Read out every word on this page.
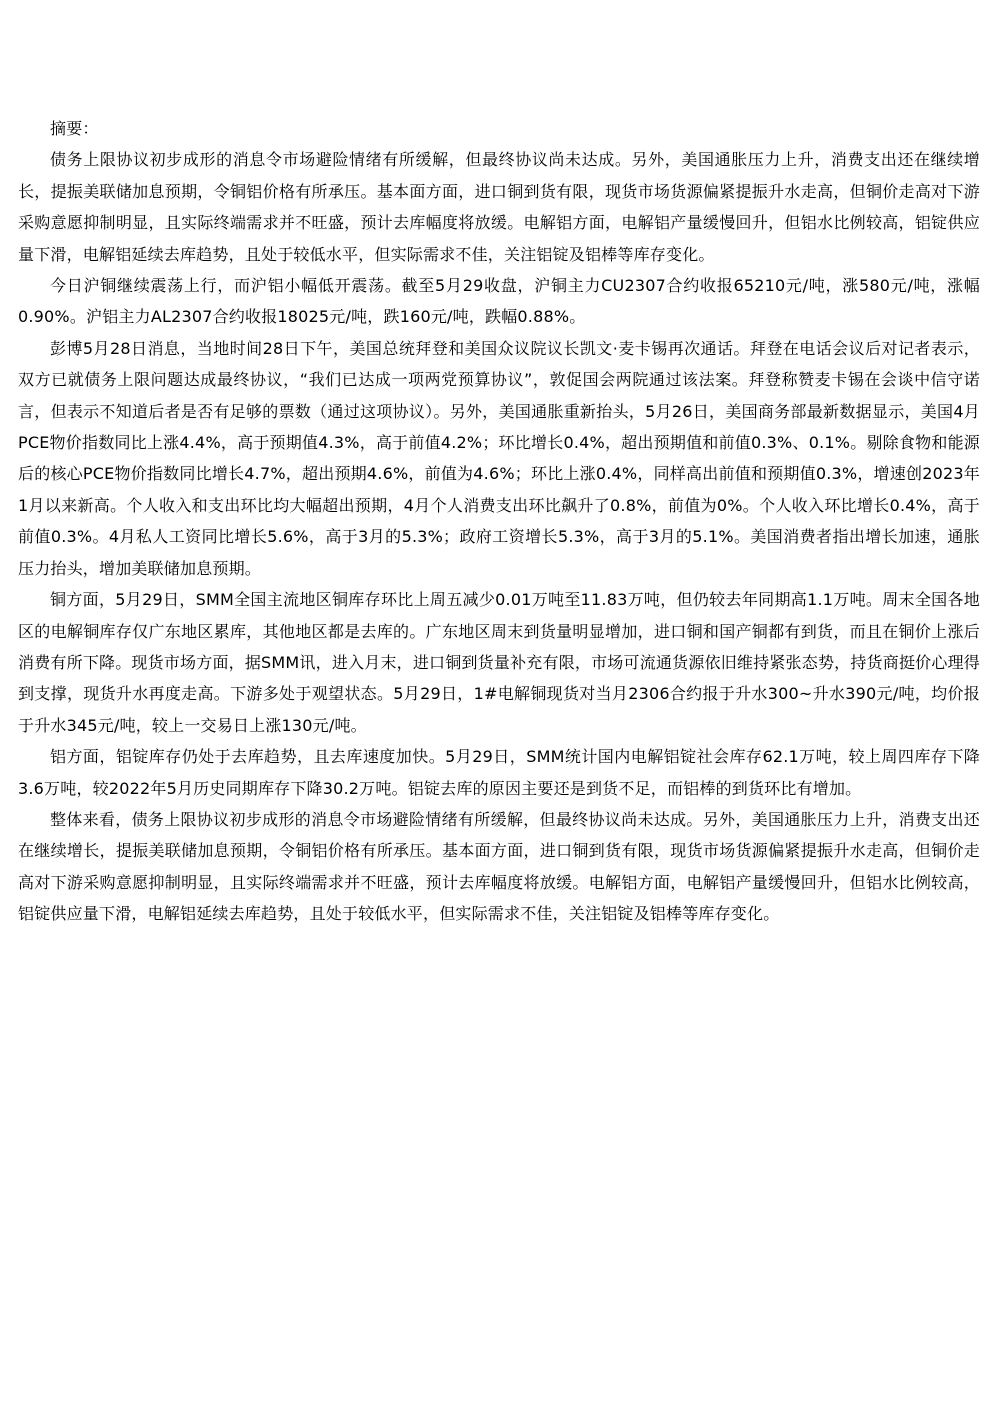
摘要：

债务上限协议初步成形的消息令市场避险情绪有所缓解，但最终协议尚未达成。另外，美国通胀压力上升，消费支出还在继续增长，提振美联储加息预期，令铜铝价格有所承压。基本面方面，进口铜到货有限，现货市场货源偏紧提振升水走高，但铜价走高对下游采购意愿抑制明显，且实际终端需求并不旺盛，预计去库幅度将放缓。电解铝方面，电解铝产量缓慢回升，但铝水比例较高，铝锭供应量下滑，电解铝延续去库趋势，且处于较低水平，但实际需求不佳，关注铝锭及铝棒等库存变化。

今日沪铜继续震荡上行，而沪铝小幅低开震荡。截至5月29收盘，沪铜主力CU2307合约收报65210元/吨，涨580元/吨，涨幅0.90%。沪铝主力AL2307合约收报18025元/吨，跌160元/吨，跌幅0.88%。

彭博5月28日消息，当地时间28日下午，美国总统拜登和美国众议院议长凯文·麦卡锡再次通话。拜登在电话会议后对记者表示，双方已就债务上限问题达成最终协议，“我们已达成一项两党预算协议”，敦促国会两院通过该法案。拜登称赞麦卡锡在会谈中信守诺言，但表示不知道后者是否有足够的票数（通过这项协议）。另外，美国通胀重新抬头，5月26日，美国商务部最新数据显示，美国4月PCE物价指数同比上涨4.4%，高于预期值4.3%，高于前值4.2%；环比增长0.4%，超出预期值和前值0.3%、0.1%。剔除食物和能源后的核心PCE物价指数同比增长4.7%，超出预期4.6%，前值为4.6%；环比上涨0.4%，同样高出前值和预期值0.3%，增速创2023年1月以来新高。个人收入和支出环比均大幅超出预期，4月个人消费支出环比飙升了0.8%，前值为0%。个人收入环比增长0.4%，高于前值0.3%。4月私人工资同比增长5.6%，高于3月的5.3%；政府工资增长5.3%，高于3月的5.1%。美国消费者指出增长加速，通胀压力抬头，增加美联储加息预期。

铜方面，5月29日，SMM全国主流地区铜库存环比上周五减少0.01万吨至11.83万吨，但仍较去年同期高1.1万吨。周末全国各地区的电解铜库存仅广东地区累库，其他地区都是去库的。广东地区周末到货量明显增加，进口铜和国产铜都有到货，而且在铜价上涨后消费有所下降。现货市场方面，据SMM讯，进入月末，进口铜到货量补充有限，市场可流通货源依旧维持紧张态势，持货商挺价心理得到支撑，现货升水再度走高。下游多处于观望状态。5月29日，1#电解铜现货对当月2306合约报于升水300~升水390元/吨，均价报于升水345元/吨，较上一交易日上涨130元/吨。

铝方面，铝锭库存仍处于去库趋势，且去库速度加快。5月29日，SMM统计国内电解铝锭社会库存62.1万吨，较上周四库存下降3.6万吨，较2022年5月历史同期库存下降30.2万吨。铝锭去库的原因主要还是到货不足，而铝棒的到货环比有增加。

整体来看，债务上限协议初步成形的消息令市场避险情绪有所缓解，但最终协议尚未达成。另外，美国通胀压力上升，消费支出还在继续增长，提振美联储加息预期，令铜铝价格有所承压。基本面方面，进口铜到货有限，现货市场货源偏紧提振升水走高，但铜价走高对下游采购意愿抑制明显，且实际终端需求并不旺盛，预计去库幅度将放缓。电解铝方面，电解铝产量缓慢回升，但铝水比例较高，铝锭供应量下滑，电解铝延续去库趋势，且处于较低水平，但实际需求不佳，关注铝锭及铝棒等库存变化。
